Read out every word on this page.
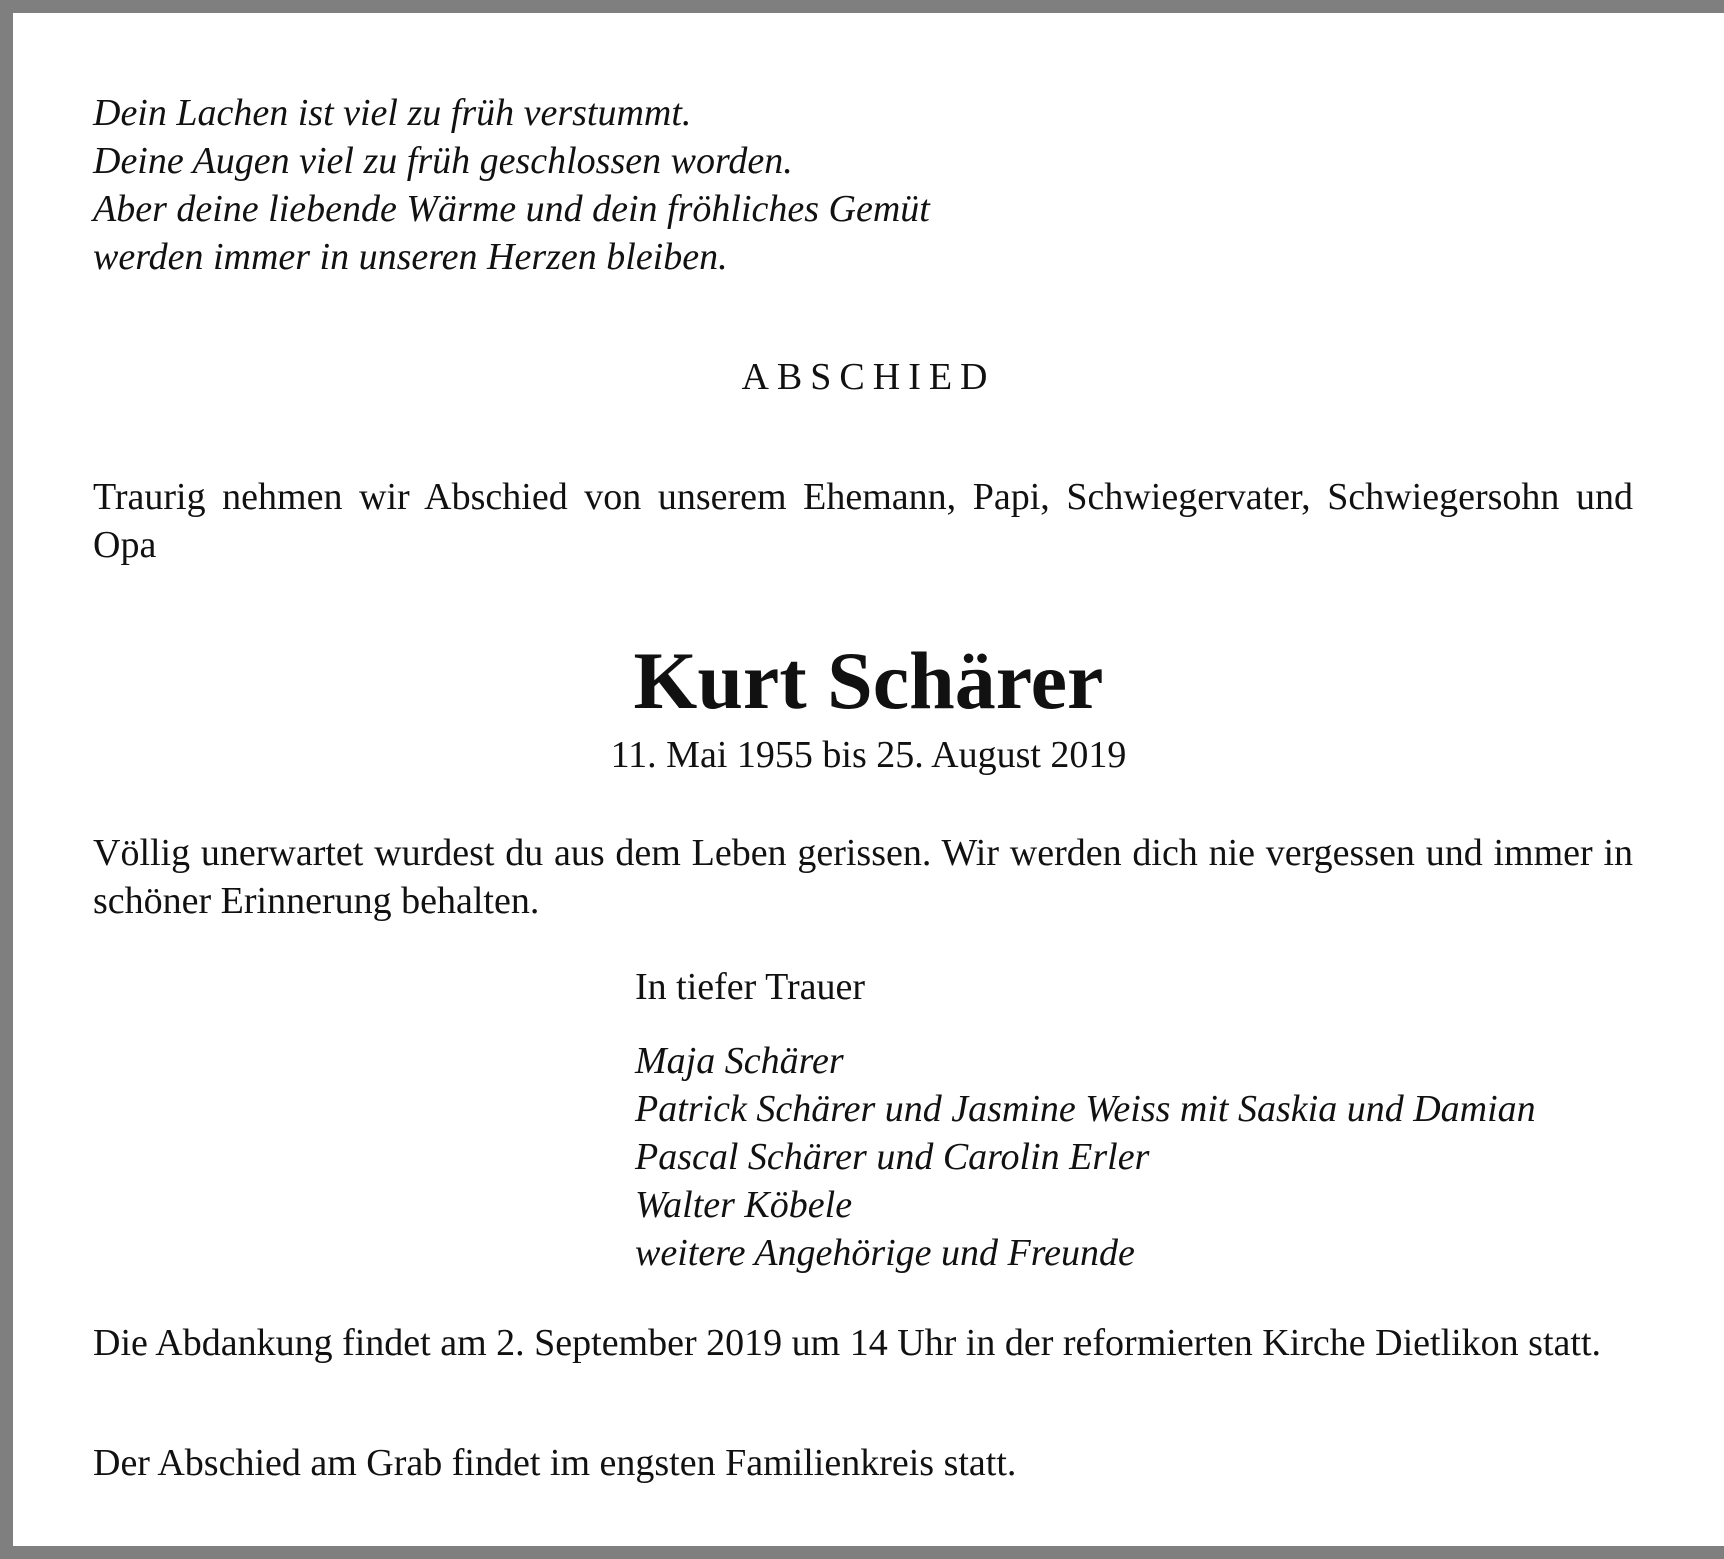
Dein Lachen ist viel zu früh verstummt.
Deine Augen viel zu früh geschlossen worden.
Aber deine liebende Wärme und dein fröhliches Gemüt
werden immer in unseren Herzen bleiben.
ABSCHIED
Traurig nehmen wir Abschied von unserem Ehemann, Papi, Schwiegervater, Schwiegersohn und Opa
Kurt Schärer
11. Mai 1955 bis 25. August 2019
Völlig unerwartet wurdest du aus dem Leben gerissen. Wir werden dich nie vergessen und immer in schöner Erinnerung behalten.
In tiefer Trauer
Maja Schärer
Patrick Schärer und Jasmine Weiss mit Saskia und Damian
Pascal Schärer und Carolin Erler
Walter Köbele
weitere Angehörige und Freunde
Die Abdankung findet am 2. September 2019 um 14 Uhr in der reformierten Kirche Dietlikon statt.
Der Abschied am Grab findet im engsten Familienkreis statt.
